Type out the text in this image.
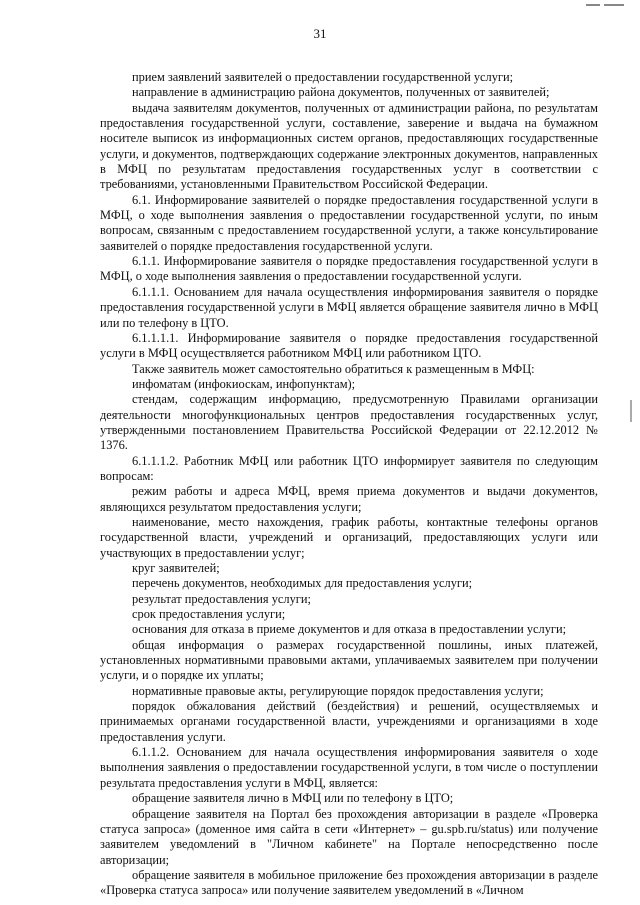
31

прием заявлений заявителей о предоставлении государственной услуги;

направление в администрацию района документов, полученных от заявителей;

выдача заявителям документов, полученных от администрации района, по результатам предоставления государственной услуги, составление, заверение и выдача на бумажном носителе выписок из информационных систем органов, предоставляющих государственные услуги, и документов, подтверждающих содержание электронных документов, направленных в МФЦ по результатам предоставления государственных услуг в соответствии с требованиями, установленными Правительством Российской Федерации.

6.1. Информирование заявителей о порядке предоставления государственной услуги в МФЦ, о ходе выполнения заявления о предоставлении государственной услуги, по иным вопросам, связанным с предоставлением государственной услуги, а также консультирование заявителей о порядке предоставления государственной услуги.

6.1.1. Информирование заявителя о порядке предоставления государственной услуги в МФЦ, о ходе выполнения заявления о предоставлении государственной услуги.

6.1.1.1. Основанием для начала осуществления информирования заявителя о порядке предоставления государственной услуги в МФЦ является обращение заявителя лично в МФЦ или по телефону в ЦТО.

6.1.1.1.1. Информирование заявителя о порядке предоставления государственной услуги в МФЦ осуществляется работником МФЦ или работником ЦТО.

Также заявитель может самостоятельно обратиться к размещенным в МФЦ:

инфоматам (инфокиоскам, инфопунктам);

стендам, содержащим информацию, предусмотренную Правилами организации деятельности многофункциональных центров предоставления государственных услуг, утвержденными постановлением Правительства Российской Федерации от 22.12.2012 № 1376.

6.1.1.1.2. Работник МФЦ или работник ЦТО информирует заявителя по следующим вопросам:

режим работы и адреса МФЦ, время приема документов и выдачи документов, являющихся результатом предоставления услуги;

наименование, место нахождения, график работы, контактные телефоны органов государственной власти, учреждений и организаций, предоставляющих услуги или участвующих в предоставлении услуг;

круг заявителей;

перечень документов, необходимых для предоставления услуги;

результат предоставления услуги;

срок предоставления услуги;

основания для отказа в приеме документов и для отказа в предоставлении услуги;

общая информация о размерах государственной пошлины, иных платежей, установленных нормативными правовыми актами, уплачиваемых заявителем при получении услуги, и о порядке их уплаты;

нормативные правовые акты, регулирующие порядок предоставления услуги;

порядок обжалования действий (бездействия) и решений, осуществляемых и принимаемых органами государственной власти, учреждениями и организациями в ходе предоставления услуги.

6.1.1.2. Основанием для начала осуществления информирования заявителя о ходе выполнения заявления о предоставлении государственной услуги, в том числе о поступлении результата предоставления услуги в МФЦ, является:

обращение заявителя лично в МФЦ или по телефону в ЦТО;

обращение заявителя на Портал без прохождения авторизации в разделе «Проверка статуса запроса» (доменное имя сайта в сети «Интернет» – gu.spb.ru/status) или получение заявителем уведомлений в "Личном кабинете" на Портале непосредственно после авторизации;

обращение заявителя в мобильное приложение без прохождения авторизации в разделе «Проверка статуса запроса» или получение заявителем уведомлений в «Личном
